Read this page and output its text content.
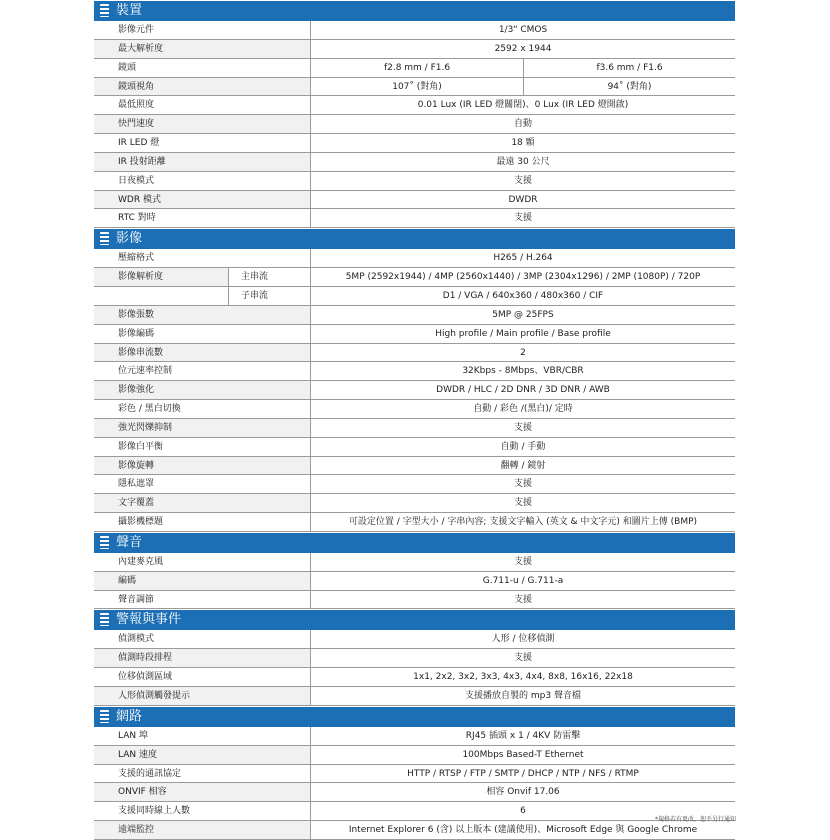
裝置
影像元件	1/3" CMOS
最大解析度	2592 x 1944
鏡頭	f2.8 mm / F1.6	f3.6 mm / F1.6
鏡頭視角	107˚ (對角)	94˚ (對角)
最低照度	0.01 Lux (IR LED 燈關閉)、0 Lux (IR LED 燈開啟)
快門速度	自動
IR LED 燈	18 顆
IR 投射距離	最遠 30 公尺
日夜模式	支援
WDR 模式	DWDR
RTC 對時	支援
影像
壓縮格式	H265 / H.264
影像解析度	主串流	5MP (2592x1944) / 4MP (2560x1440) / 3MP (2304x1296) / 2MP (1080P) / 720P
子串流	D1 / VGA / 640x360 / 480x360 / CIF
影像張數	5MP @ 25FPS
影像編碼	High profile / Main profile / Base profile
影像串流數	2
位元速率控制	32Kbps - 8Mbps、VBR/CBR
影像強化	DWDR / HLC / 2D DNR / 3D DNR / AWB
彩色 / 黑白切換	自動 / 彩色 /(黑白)/ 定時
強光閃爍抑制	支援
影像白平衡	自動 / 手動
影像旋轉	翻轉 / 鏡射
隱私遮罩	支援
文字覆蓋	支援
攝影機標題	可設定位置 / 字型大小 / 字串內容; 支援文字輸入 (英文 & 中文字元) 和圖片上傳 (BMP)
聲音
內建麥克風	支援
編碼	G.711-u / G.711-a
聲音調節	支援
警報與事件
偵測模式	人形 / 位移偵測
偵測時段排程	支援
位移偵測區域	1x1, 2x2, 3x2, 3x3, 4x3, 4x4, 8x8, 16x16, 22x18
人形偵測觸發提示	支援播放自製的 mp3 聲音檔
網路
LAN 埠	RJ45 插頭 x 1 / 4KV 防雷擊
LAN 速度	100Mbps Based-T Ethernet
支援的通訊協定	HTTP / RTSP / FTP / SMTP / DHCP / NTP / NFS / RTMP
ONVIF 相容	相容 Onvif 17.06
支援同時線上人數	6
遠端監控	Internet Explorer 6 (含) 以上版本 (建議使用)、Microsoft Edge 與 Google Chrome
*規格若有更改，恕不另行通知
